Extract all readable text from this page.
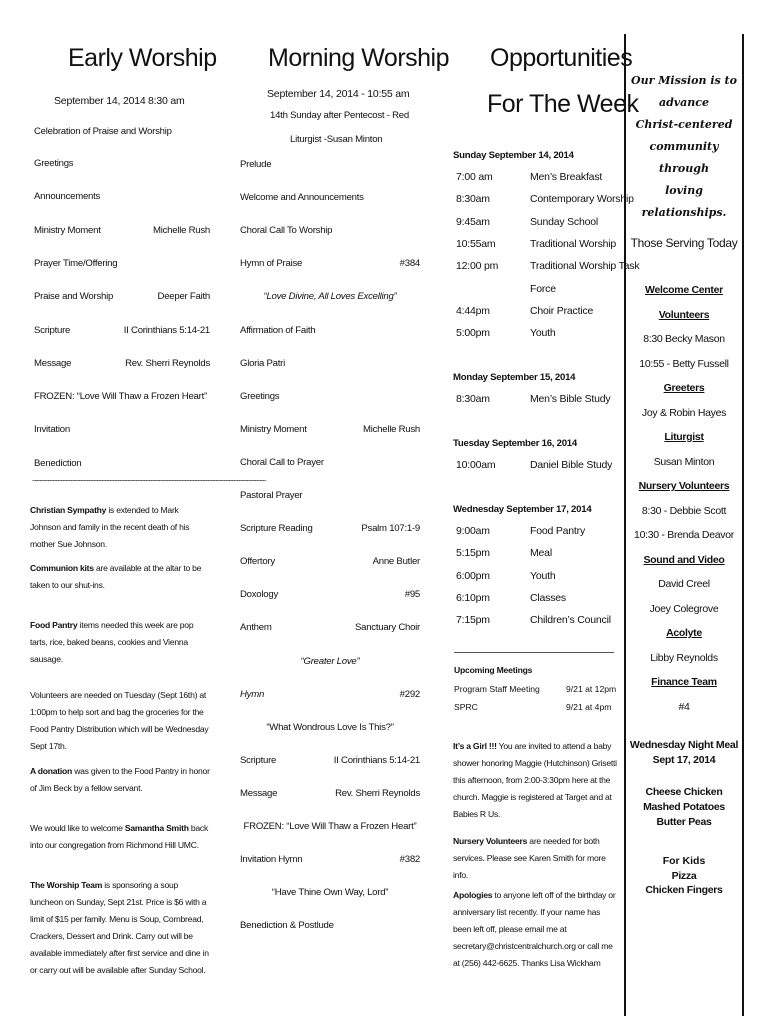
Early Worship
September 14, 2014 8:30 am
Celebration of Praise and Worship
Greetings
Announcements
Ministry Moment	Michelle Rush
Prayer Time/Offering
Praise and Worship	Deeper Faith
Scripture	II Corinthians 5:14-21
Message	Rev. Sherri Reynolds
FROZEN: “Love Will Thaw a Frozen Heart”
Invitation
Benediction
~~~~~~~~~~~~~~~~~~~~~~~~~~~~~~~~~~~~~~~~~~~~~~~~~~~~~~~~~~~~~~~~~~~~~~~~~~~~~~~~~~~~~~~~~~
Christian Sympathy is extended to Mark Johnson and family in the recent death of his mother Sue Johnson.
Communion kits are available at the altar to be taken to our shut-ins.
Food Pantry items needed this week are pop tarts, rice, baked beans, cookies and Vienna sausage.
Volunteers are needed on Tuesday (Sept 16th) at 1:00pm to help sort and bag the groceries for the Food Pantry Distribution which will be Wednesday Sept 17th.
A donation was given to the Food Pantry in honor of Jim Beck by a fellow servant.
We would like to welcome Samantha Smith back into our congregation from Richmond Hill UMC.
The Worship Team is sponsoring a soup luncheon on Sunday, Sept 21st. Price is $6 with a limit of $15 per family. Menu is Soup, Cornbread, Crackers, Dessert and Drink. Carry out will be available immediately after first service and dine in or carry out will be available after Sunday School.
Morning Worship
September 14, 2014 - 10:55 am
14th Sunday after Pentecost - Red
Liturgist -Susan Minton
Prelude
Welcome and Announcements
Choral Call To Worship
Hymn of Praise	#384
“Love Divine, All Loves Excelling”
Affirmation of Faith
Gloria Patri
Greetings
Ministry Moment	Michelle Rush
Choral Call to Prayer
Pastoral Prayer
Scripture Reading	Psalm 107:1-9
Offertory	Anne Butler
Doxology	#95
Anthem	Sanctuary Choir
“Greater Love”
Hymn	#292
“What Wondrous Love Is This?”
Scripture	II Corinthians 5:14-21
Message	Rev. Sherri Reynolds
FROZEN: “Love Will Thaw a Frozen Heart”
Invitation Hymn	#382
“Have Thine Own Way, Lord”
Benediction & Postlude
Opportunities
For The Week
Sunday September 14, 2014
7:00 am	Men’s Breakfast
8:30am	Contemporary Worship
9:45am	Sunday School
10:55am	Traditional Worship
12:00 pm	Traditional Worship Task
Force
4:44pm	Choir Practice
5:00pm	Youth
Monday September 15, 2014
8:30am	Men’s Bible Study
Tuesday September 16, 2014
10:00am	Daniel Bible Study
Wednesday September 17, 2014
9:00am	Food Pantry
5:15pm	Meal
6:00pm	Youth
6:10pm	Classes
7:15pm	Children’s Council
Upcoming Meetings
Program Staff Meeting	9/21 at 12pm
SPRC	9/21 at 4pm
It’s a Girl !!! You are invited to attend a baby shower honoring Maggie (Hutchinson) Grisetti this afternoon, from 2:00-3:30pm here at the church. Maggie is registered at Target and at Babies R Us.
Nursery Volunteers are needed for both services. Please see Karen Smith for more info.
Apologies to anyone left off of the birthday or anniversary list recently. If your name has been left off, please email me at secretary@christcentralchurch.org or call me at (256) 442-6625. Thanks Lisa Wickham
Our Mission is to
advance
Christ-centered
community through
loving relationships.
Those Serving Today
Welcome Center
Volunteers
8:30 Becky Mason
10:55 - Betty Fussell
Greeters
Joy & Robin Hayes
Liturgist
Susan Minton
Nursery Volunteers
8:30 - Debbie Scott
10:30 - Brenda Deavor
Sound and Video
David Creel
Joey Colegrove
Acolyte
Libby Reynolds
Finance Team
#4
Wednesday Night Meal
Sept 17, 2014
Cheese Chicken
Mashed Potatoes
Butter Peas
For Kids
Pizza
Chicken Fingers
